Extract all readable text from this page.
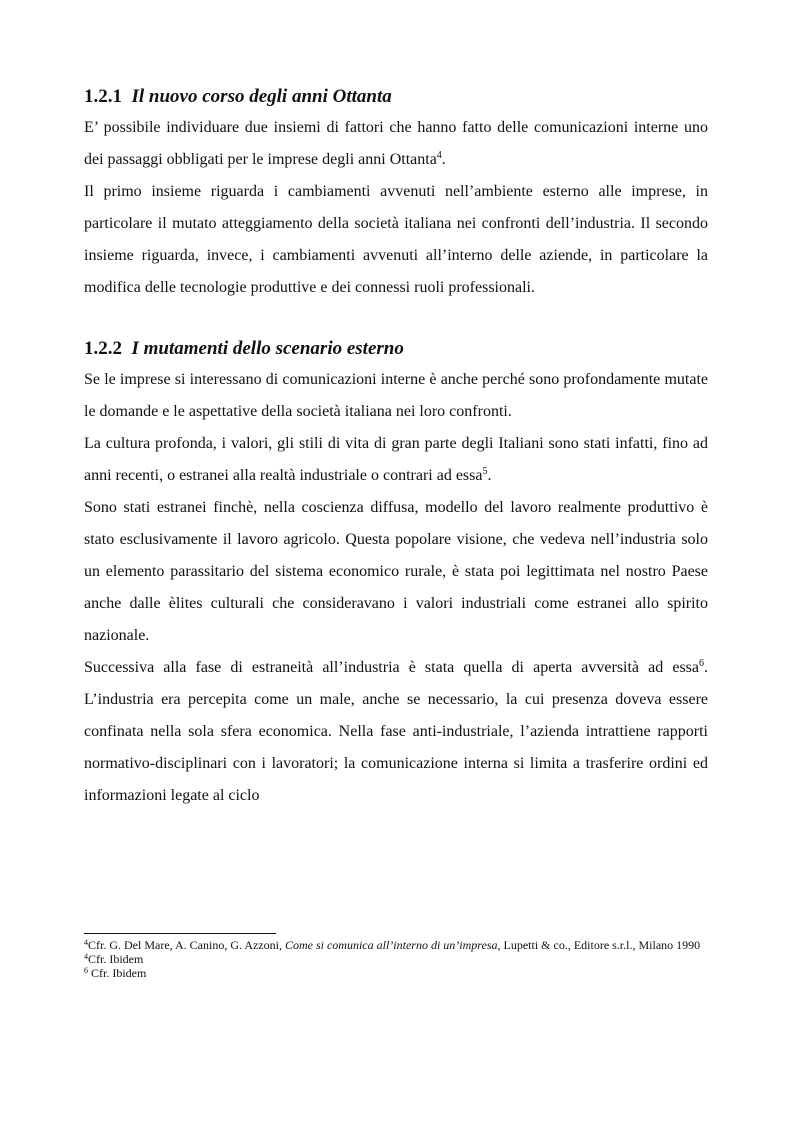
1.2.1 Il nuovo corso degli anni Ottanta

E’ possibile individuare due insiemi di fattori che hanno fatto delle comunicazioni interne uno dei passaggi obbligati per le imprese degli anni Ottanta$^4$.

Il primo insieme riguarda i cambiamenti avvenuti nell’ambiente esterno alle imprese, in particolare il mutato atteggiamento della società italiana nei confronti dell’industria. Il secondo insieme riguarda, invece, i cambiamenti avvenuti all’interno delle aziende, in particolare la modifica delle tecnologie produttive e dei connessi ruoli professionali.

1.2.2 I mutamenti dello scenario esterno

Se le imprese si interessano di comunicazioni interne è anche perché sono profondamente mutate le domande e le aspettative della società italiana nei loro confronti.

La cultura profonda, i valori, gli stili di vita di gran parte degli Italiani sono stati infatti, fino ad anni recenti, o estranei alla realtà industriale o contrari ad essa$^5$.

Sono stati estranei finchè, nella coscienza diffusa, modello del lavoro realmente produttivo è stato esclusivamente il lavoro agricolo. Questa popolare visione, che vedeva nell’industria solo un elemento parassitario del sistema economico rurale, è stata poi legittimata nel nostro Paese anche dalle èlites culturali che consideravano i valori industriali come estranei allo spirito nazionale.

Successiva alla fase di estraneità all’industria è stata quella di aperta avversità ad essa$^6$. L’industria era percepita come un male, anche se necessario, la cui presenza doveva essere confinata nella sola sfera economica. Nella fase anti-industriale, l’azienda intrattiene rapporti normativo-disciplinari con i lavoratori; la comunicazione interna si limita a trasferire ordini ed informazioni legate al ciclo

$^4$Cfr. G. Del Mare, A. Canino, G. Azzoni, Come si comunica all’interno di un’impresa, Lupetti & co., Editore s.r.l., Milano 1990
$^4$Cfr. Ibidem
$^6$ Cfr. Ibidem
